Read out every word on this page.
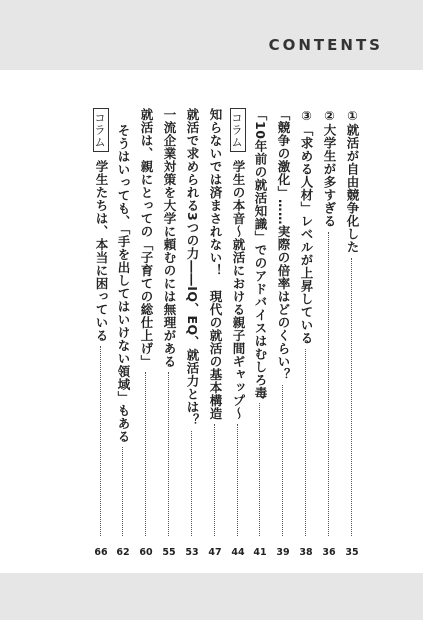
CONTENTS
①就活が自由競争化した
35
②大学生が多すぎる
36
③「求める人材」レベルが上昇している
38
「競争の激化」……実際の倍率はどのくらい？
39
「10年前の就活知識」でのアドバイスはむしろ毒
41
コラム
学生の本音～就活における親子間ギャップ～
44
知らないでは済まされない！　現代の就活の基本構造
47
就活で求められる3つの力――IQ、EQ、就活力とは？
53
一流企業対策を大学に頼むのには無理がある
55
就活は、親にとっての「子育ての総仕上げ」
60
そうはいっても、「手を出してはいけない領域」もある
62
コラム
学生たちは、本当に困っている
66
